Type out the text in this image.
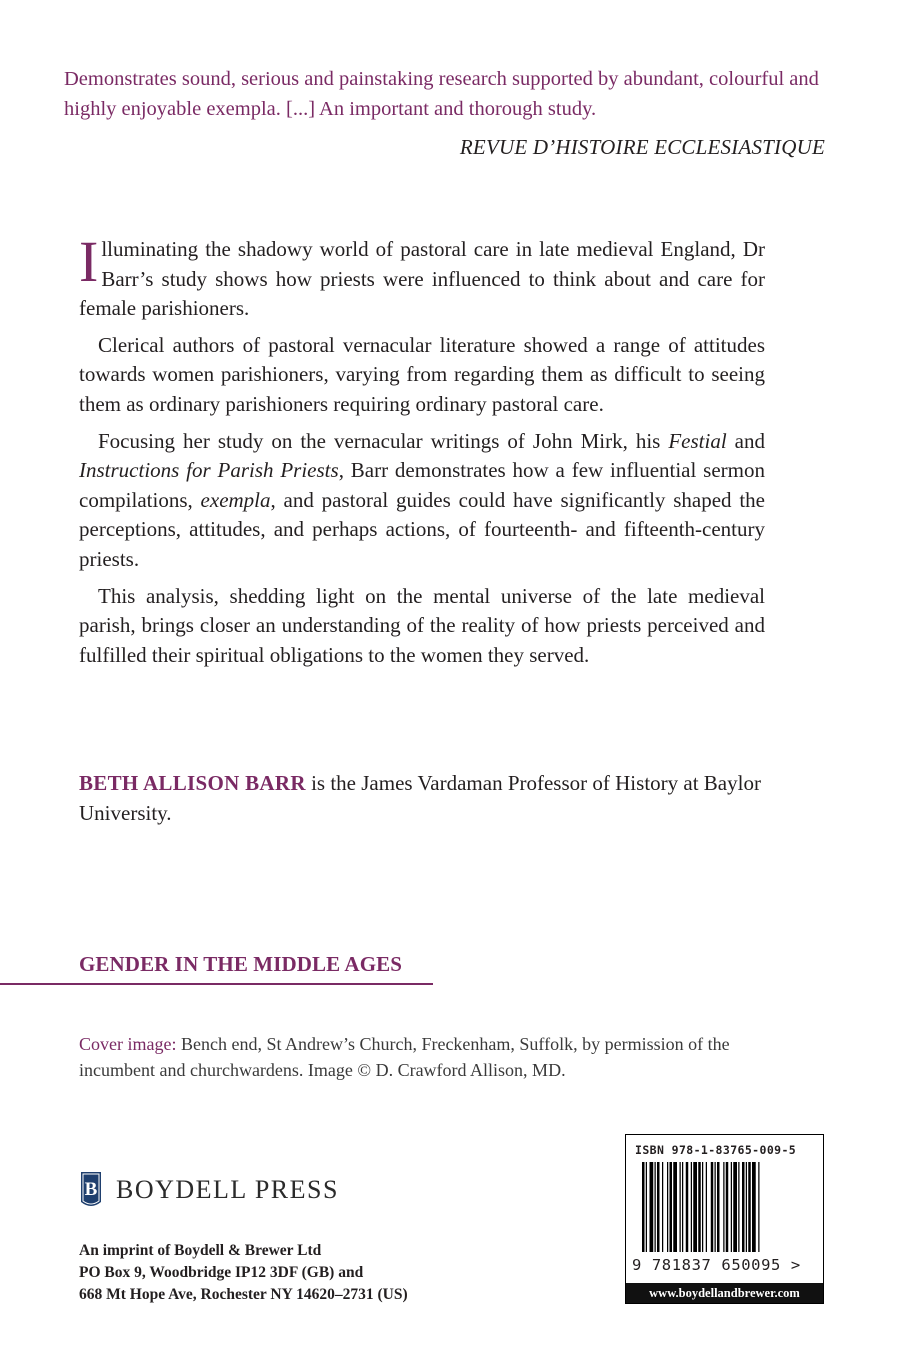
Demonstrates sound, serious and painstaking research supported by abundant, colourful and highly enjoyable exempla. [...] An important and thorough study.
REVUE D’HISTOIRE ECCLESIASTIQUE

Illuminating the shadowy world of pastoral care in late medieval England, Dr Barr’s study shows how priests were influenced to think about and care for female parishioners.

Clerical authors of pastoral vernacular literature showed a range of attitudes towards women parishioners, varying from regarding them as difficult to seeing them as ordinary parishioners requiring ordinary pastoral care.

Focusing her study on the vernacular writings of John Mirk, his Festial and Instructions for Parish Priests, Barr demonstrates how a few influential sermon compilations, exempla, and pastoral guides could have significantly shaped the perceptions, attitudes, and perhaps actions, of fourteenth- and fifteenth-century priests.

This analysis, shedding light on the mental universe of the late medieval parish, brings closer an understanding of the reality of how priests perceived and fulfilled their spiritual obligations to the women they served.

BETH ALLISON BARR is the James Vardaman Professor of History at Baylor University.
GENDER IN THE MIDDLE AGES
Cover image: Bench end, St Andrew’s Church, Freckenham, Suffolk, by permission of the incumbent and churchwardens. Image © D. Crawford Allison, MD.
B BOYDELL PRESS
An imprint of Boydell & Brewer Ltd
PO Box 9, Woodbridge IP12 3DF (GB) and
668 Mt Hope Ave, Rochester NY 14620–2731 (US)
ISBN 978-1-83765-009-5
9 781837 650095 >
www.boydellandbrewer.com
